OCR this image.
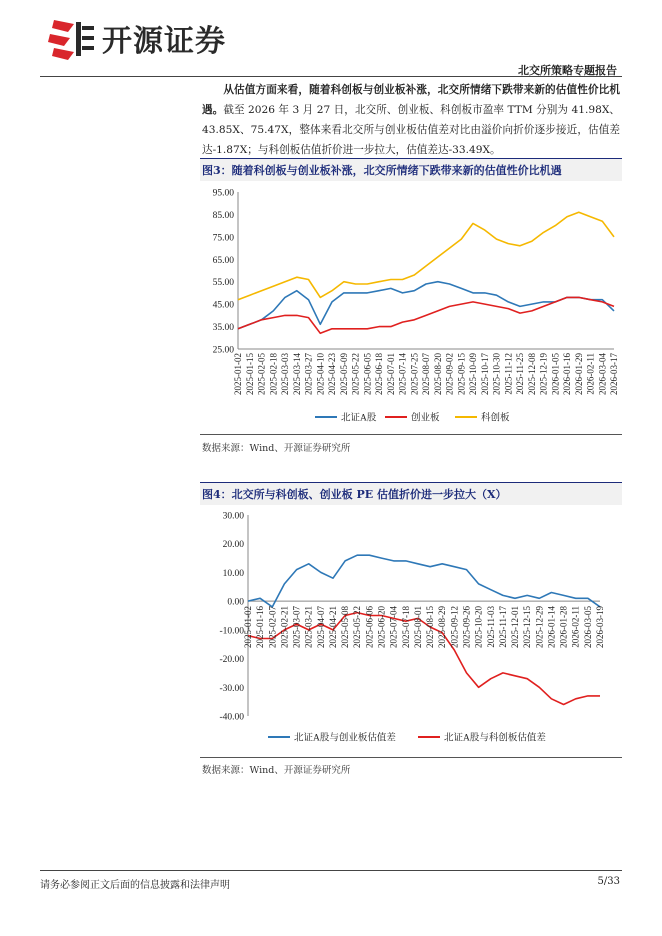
开源证券
北交所策略专题报告
从估值方面来看，随着科创板与创业板补涨，北交所情绪下跌带来新的估值性价比机遇。截至 2026 年 3 月 27 日，北交所、创业板、科创板市盈率 TTM 分别为 41.98X、43.85X、75.47X，整体来看北交所与创业板估值差对比由溢价向折价逐步接近，估值差达-1.87X；与科创板估值折价进一步拉大，估值差达-33.49X。
图3：随着科创板与创业板补涨，北交所情绪下跌带来新的估值性价比机遇
95.00
85.00
75.00
65.00
55.00
45.00
35.00
25.00
2025-01-02 2025-01-15 2025-02-05 2025-02-18 2025-03-03 2025-03-14 2025-03-27 2025-04-10 2025-04-23 2025-05-09 2025-05-22 2025-06-05 2025-06-18 2025-07-01 2025-07-14 2025-07-25 2025-08-07 2025-08-20 2025-09-02 2025-09-15 2025-10-09 2025-10-17 2025-10-30 2025-11-12 2025-11-25 2025-12-08 2025-12-19 2026-01-05 2026-01-16 2026-01-29 2026-02-11 2026-03-04 2026-03-17
北证A股	创业板	科创板
数据来源：Wind、开源证券研究所
图4：北交所与科创板、创业板 PE 估值折价进一步拉大（X）
30.00
20.00
10.00
0.00
-10.00
-20.00
-30.00
-40.00
2025-01-02 2025-01-16 2025-02-07 2025-02-21 2025-03-07 2025-03-21 2025-04-07 2025-04-21 2025-05-08 2025-05-22 2025-06-06 2025-06-20 2025-07-04 2025-07-18 2025-08-01 2025-08-15 2025-08-29 2025-09-12 2025-09-26 2025-10-20 2025-11-03 2025-11-17 2025-12-01 2025-12-15 2025-12-29 2026-01-14 2026-01-28 2026-02-11 2026-03-05 2026-03-19
北证A股与创业板估值差	北证A股与科创板估值差
数据来源：Wind、开源证券研究所
请务必参阅正文后面的信息披露和法律声明	5/33
